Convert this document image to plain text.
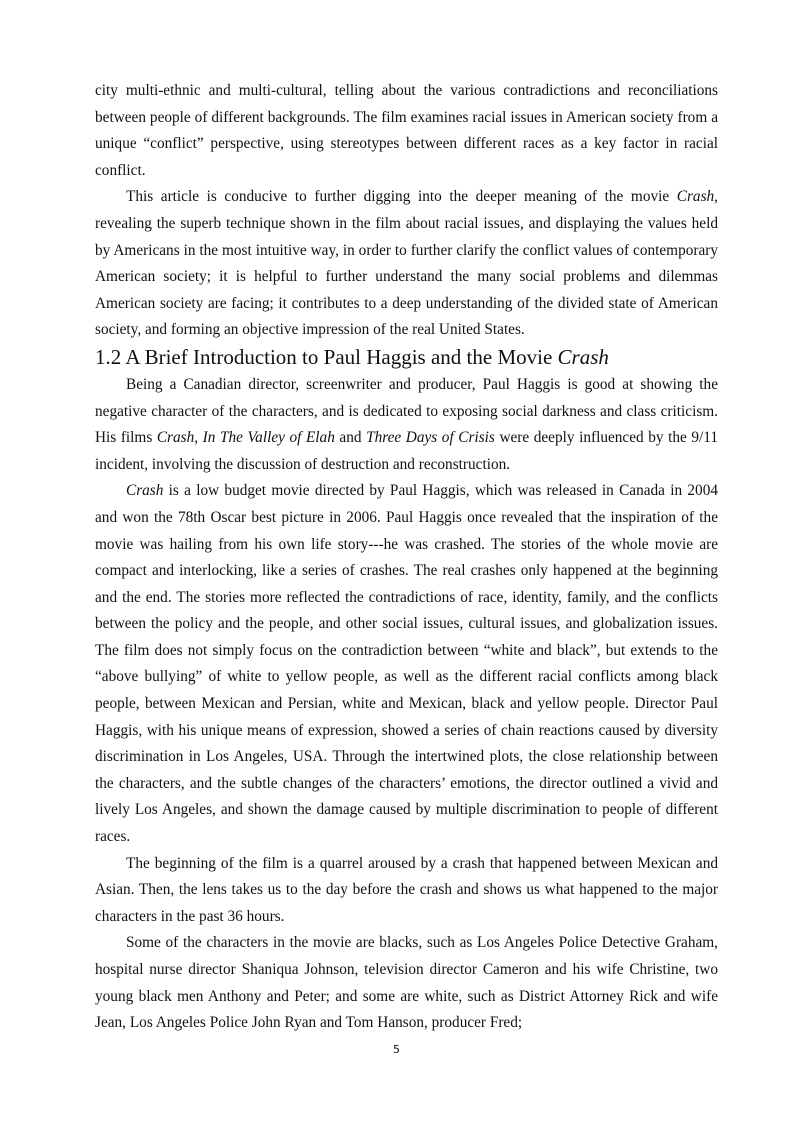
city multi-ethnic and multi-cultural, telling about the various contradictions and reconciliations between people of different backgrounds. The film examines racial issues in American society from a unique “conflict” perspective, using stereotypes between different races as a key factor in racial conflict.

This article is conducive to further digging into the deeper meaning of the movie Crash, revealing the superb technique shown in the film about racial issues, and displaying the values held by Americans in the most intuitive way, in order to further clarify the conflict values of contemporary American society; it is helpful to further understand the many social problems and dilemmas American society are facing; it contributes to a deep understanding of the divided state of American society, and forming an objective impression of the real United States.

1.2 A Brief Introduction to Paul Haggis and the Movie Crash

Being a Canadian director, screenwriter and producer, Paul Haggis is good at showing the negative character of the characters, and is dedicated to exposing social darkness and class criticism. His films Crash, In The Valley of Elah and Three Days of Crisis were deeply influenced by the 9/11 incident, involving the discussion of destruction and reconstruction.

Crash is a low budget movie directed by Paul Haggis, which was released in Canada in 2004 and won the 78th Oscar best picture in 2006. Paul Haggis once revealed that the inspiration of the movie was hailing from his own life story---he was crashed. The stories of the whole movie are compact and interlocking, like a series of crashes. The real crashes only happened at the beginning and the end. The stories more reflected the contradictions of race, identity, family, and the conflicts between the policy and the people, and other social issues, cultural issues, and globalization issues. The film does not simply focus on the contradiction between “white and black”, but extends to the “above bullying” of white to yellow people, as well as the different racial conflicts among black people, between Mexican and Persian, white and Mexican, black and yellow people. Director Paul Haggis, with his unique means of expression, showed a series of chain reactions caused by diversity discrimination in Los Angeles, USA. Through the intertwined plots, the close relationship between the characters, and the subtle changes of the characters’ emotions, the director outlined a vivid and lively Los Angeles, and shown the damage caused by multiple discrimination to people of different races.

The beginning of the film is a quarrel aroused by a crash that happened between Mexican and Asian. Then, the lens takes us to the day before the crash and shows us what happened to the major characters in the past 36 hours.

Some of the characters in the movie are blacks, such as Los Angeles Police Detective Graham, hospital nurse director Shaniqua Johnson, television director Cameron and his wife Christine, two young black men Anthony and Peter; and some are white, such as District Attorney Rick and wife Jean, Los Angeles Police John Ryan and Tom Hanson, producer Fred;

5
